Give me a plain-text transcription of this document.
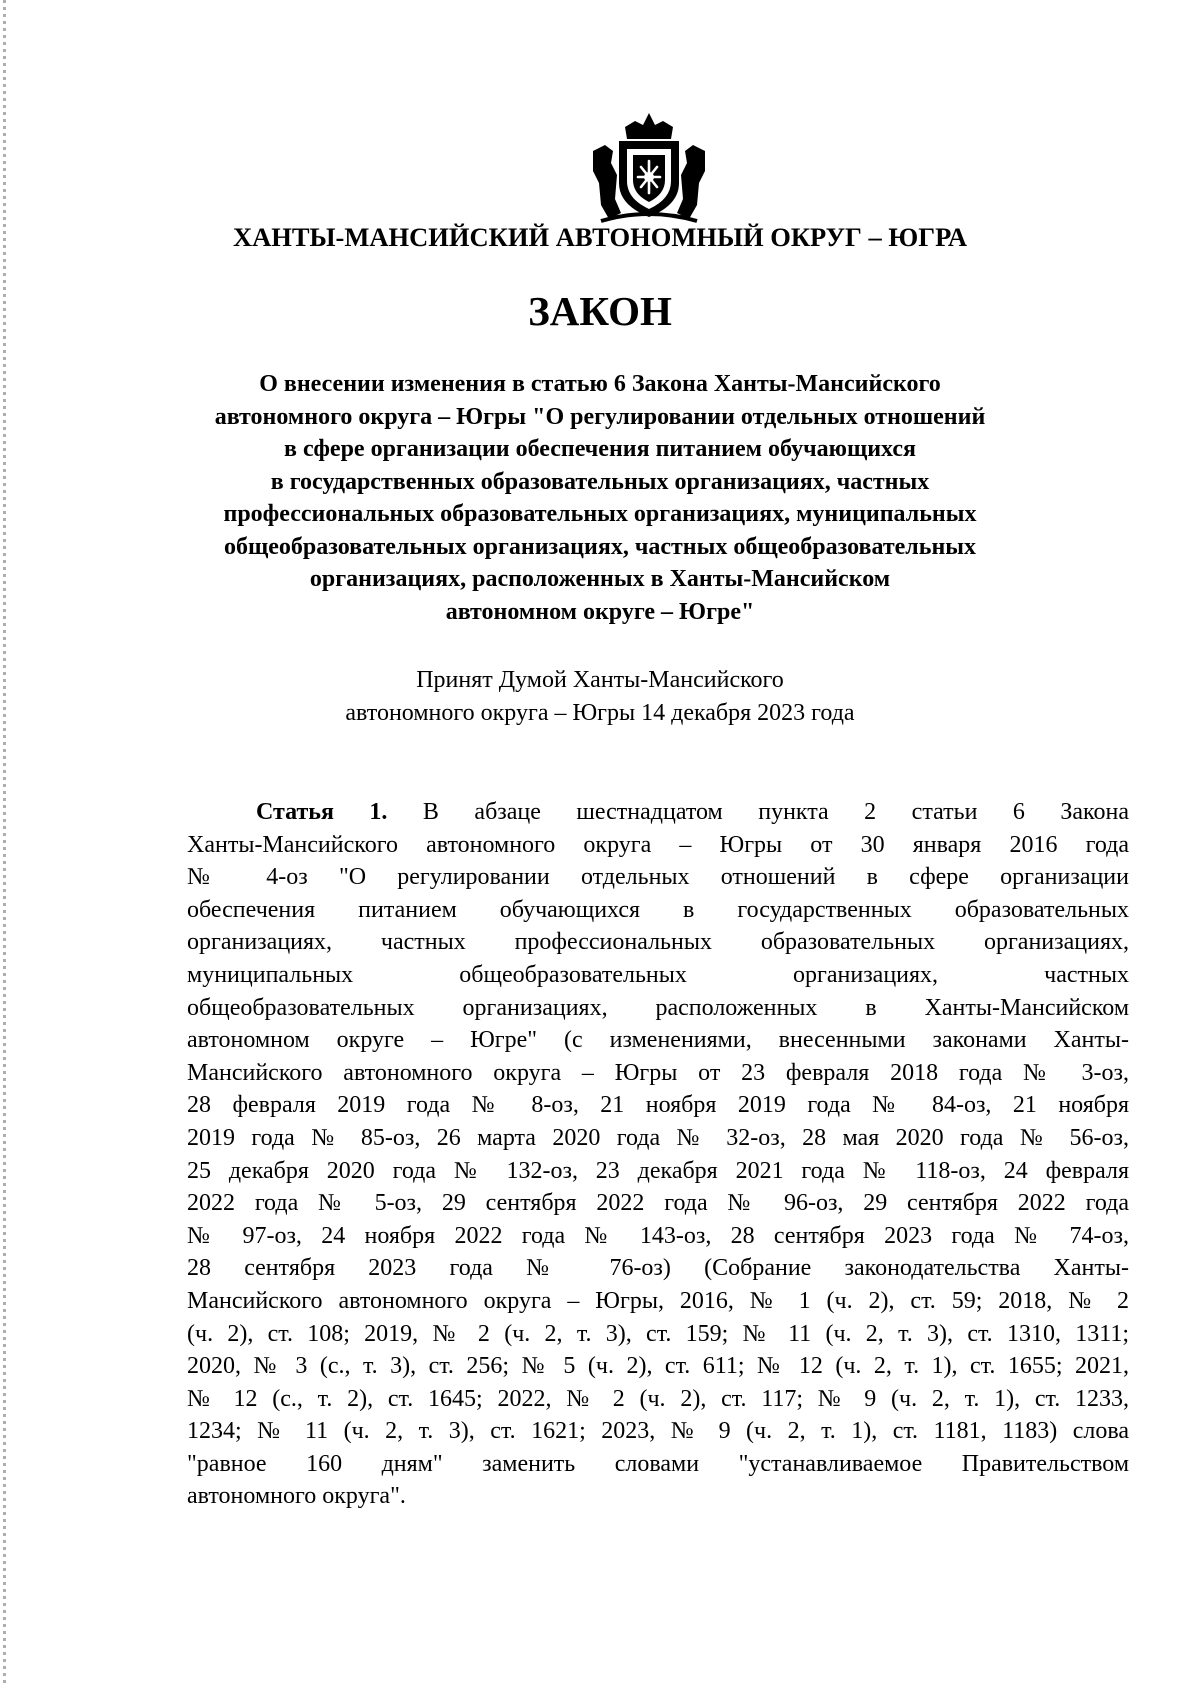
ХАНТЫ-МАНСИЙСКИЙ АВТОНОМНЫЙ ОКРУГ – ЮГРА
ЗАКОН
О внесении изменения в статью 6 Закона Ханты-Мансийского
автономного округа – Югры "О регулировании отдельных отношений
в сфере организации обеспечения питанием обучающихся
в государственных образовательных организациях, частных
профессиональных образовательных организациях, муниципальных
общеобразовательных организациях, частных общеобразовательных
организациях, расположенных в Ханты-Мансийском
автономном округе – Югре"
Принят Думой Ханты-Мансийского
автономного округа – Югры 14 декабря 2023 года
Статья 1. В абзаце шестнадцатом пункта 2 статьи 6 Закона
Ханты-Мансийского автономного округа – Югры от 30 января 2016 года
№ 4-оз "О регулировании отдельных отношений в сфере организации
обеспечения питанием обучающихся в государственных образовательных
организациях, частных профессиональных образовательных организациях,
муниципальных общеобразовательных организациях, частных
общеобразовательных организациях, расположенных в Ханты-Мансийском
автономном округе – Югре" (с изменениями, внесенными законами Ханты-
Мансийского автономного округа – Югры от 23 февраля 2018 года № 3-оз,
28 февраля 2019 года № 8-оз, 21 ноября 2019 года № 84-оз, 21 ноября
2019 года № 85-оз, 26 марта 2020 года № 32-оз, 28 мая 2020 года № 56-оз,
25 декабря 2020 года № 132-оз, 23 декабря 2021 года № 118-оз, 24 февраля
2022 года № 5-оз, 29 сентября 2022 года № 96-оз, 29 сентября 2022 года
№ 97-оз, 24 ноября 2022 года № 143-оз, 28 сентября 2023 года № 74-оз,
28 сентября 2023 года № 76-оз) (Собрание законодательства Ханты-
Мансийского автономного округа – Югры, 2016, № 1 (ч. 2), ст. 59; 2018, № 2
(ч. 2), ст. 108; 2019, № 2 (ч. 2, т. 3), ст. 159; № 11 (ч. 2, т. 3), ст. 1310, 1311;
2020, № 3 (с., т. 3), ст. 256; № 5 (ч. 2), ст. 611; № 12 (ч. 2, т. 1), ст. 1655; 2021,
№ 12 (с., т. 2), ст. 1645; 2022, № 2 (ч. 2), ст. 117; № 9 (ч. 2, т. 1), ст. 1233,
1234; № 11 (ч. 2, т. 3), ст. 1621; 2023, № 9 (ч. 2, т. 1), ст. 1181, 1183) слова
"равное 160 дням" заменить словами "устанавливаемое Правительством
автономного округа".
